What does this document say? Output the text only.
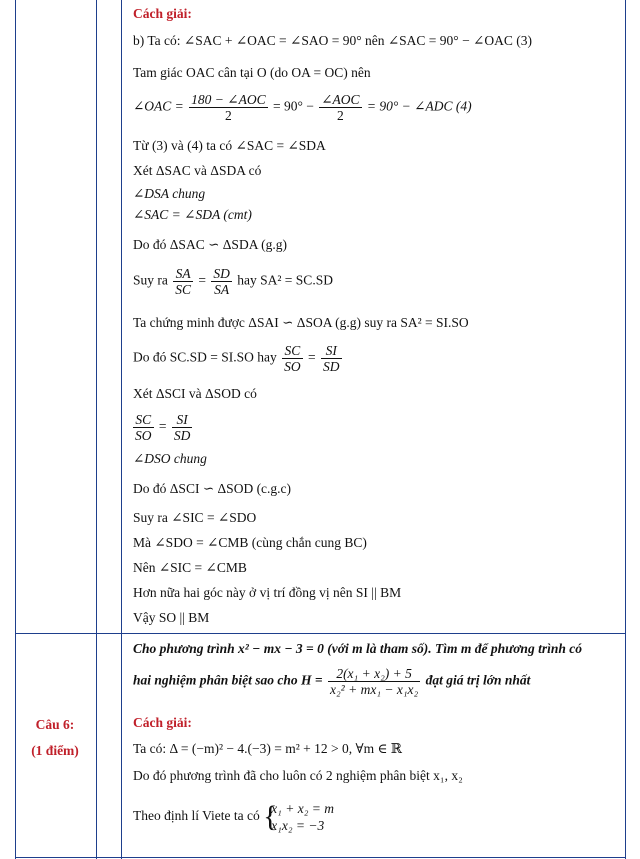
Câu 6:
(1 điểm)
Cách giải:
b) Ta có: ∠SAC + ∠OAC = ∠SAO = 90° nên ∠SAC = 90° − ∠OAC (3)
Tam giác OAC cân tại O (do OA = OC) nên
∠OAC = $\frac{\text{180 − ∠AOC}}{2} = 90^\circ - \frac{\text{∠AOC}}{2} = 90^\circ$ − ∠ADC (4)
Từ (3) và (4) ta có ∠SAC = ∠SDA
Xét ΔSAC và ΔSDA có
∠DSA chung
∠SAC = ∠SDA (cmt)
Do đó ΔSAC ∽ ΔSDA (g.g)
Suy ra $\frac{SA}{SC} = \frac{SD}{SA}$ hay SA² = SC.SD
Ta chứng minh được ΔSAI ∽ ΔSOA (g.g) suy ra SA² = SI.SO
Do đó SC.SD = SI.SO hay $\frac{SC}{SO} = \frac{SI}{SD}$
Xét ΔSCI và ΔSOD có
$\frac{SC}{SO} = \frac{SI}{SD}$
∠DSO chung
Do đó ΔSCI ∽ ΔSOD (c.g.c)
Suy ra ∠SIC = ∠SDO
Mà ∠SDO = ∠CMB (cùng chắn cung BC)
Nên ∠SIC = ∠CMB
Hơn nữa hai góc này ở vị trí đồng vị nên SI || BM
Vậy SO || BM
Cho phương trình x² − mx − 3 = 0 (với m là tham số). Tìm m để phương trình có
hai nghiệm phân biệt sao cho $H = \frac{\text{2(x₁ + x₂) + 5}}{\text{x₂² + mx₁ − x₁x₂}}$ đạt giá trị lớn nhất
Cách giải:
Ta có: Δ = (−m)² − 4.(−3) = m² + 12 > 0, ∀m ∈ ℝ
Do đó phương trình đã cho luôn có 2 nghiệm phân biệt x₁, x₂
Theo định lí Viete ta có {
x₁ + x₂ = m
x₁x₂ = −3
